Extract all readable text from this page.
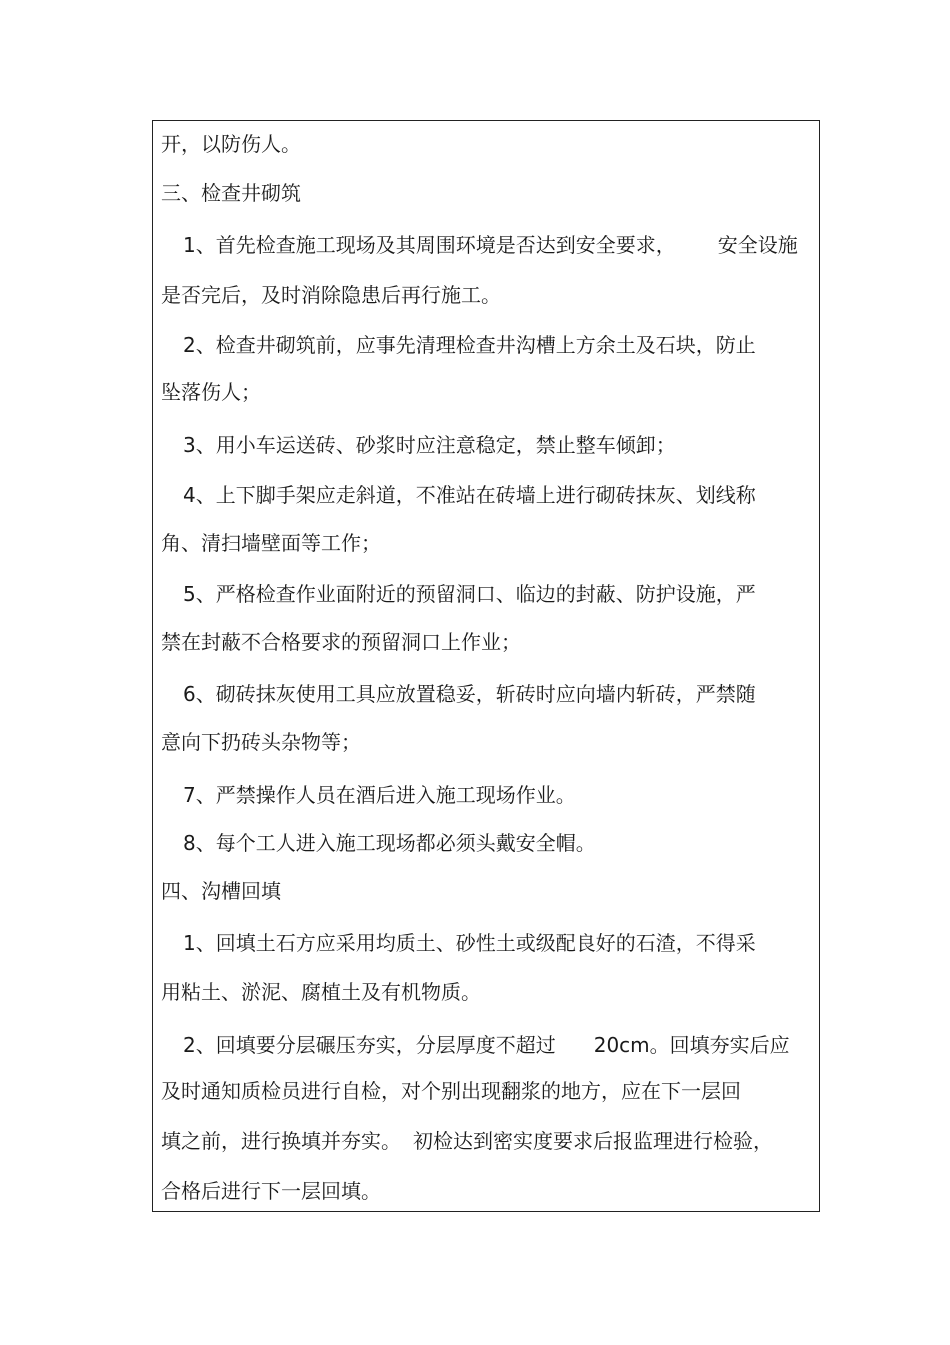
开，以防伤人。
三、检查井砌筑
1、首先检查施工现场及其周围环境是否达到安全要求， 安全设施
是否完后，及时消除隐患后再行施工。
2、检查井砌筑前，应事先清理检查井沟槽上方余土及石块，防止
坠落伤人；
3、用小车运送砖、砂浆时应注意稳定，禁止整车倾卸；
4、上下脚手架应走斜道，不准站在砖墙上进行砌砖抹灰、划线称
角、清扫墙壁面等工作；
5、严格检查作业面附近的预留洞口、临边的封蔽、防护设施，严
禁在封蔽不合格要求的预留洞口上作业；
6、砌砖抹灰使用工具应放置稳妥，斩砖时应向墙内斩砖，严禁随
意向下扔砖头杂物等；
7、严禁操作人员在酒后进入施工现场作业。
8、每个工人进入施工现场都必须头戴安全帽。
四、沟槽回填
1、回填土石方应采用均质土、砂性土或级配良好的石渣，不得采
用粘土、淤泥、腐植土及有机物质。
2、回填要分层碾压夯实，分层厚度不超过 20cm。回填夯实后应
及时通知质检员进行自检，对个别出现翻浆的地方，应在下一层回
填之前，进行换填并夯实。 初检达到密实度要求后报监理进行检验，
合格后进行下一层回填。
